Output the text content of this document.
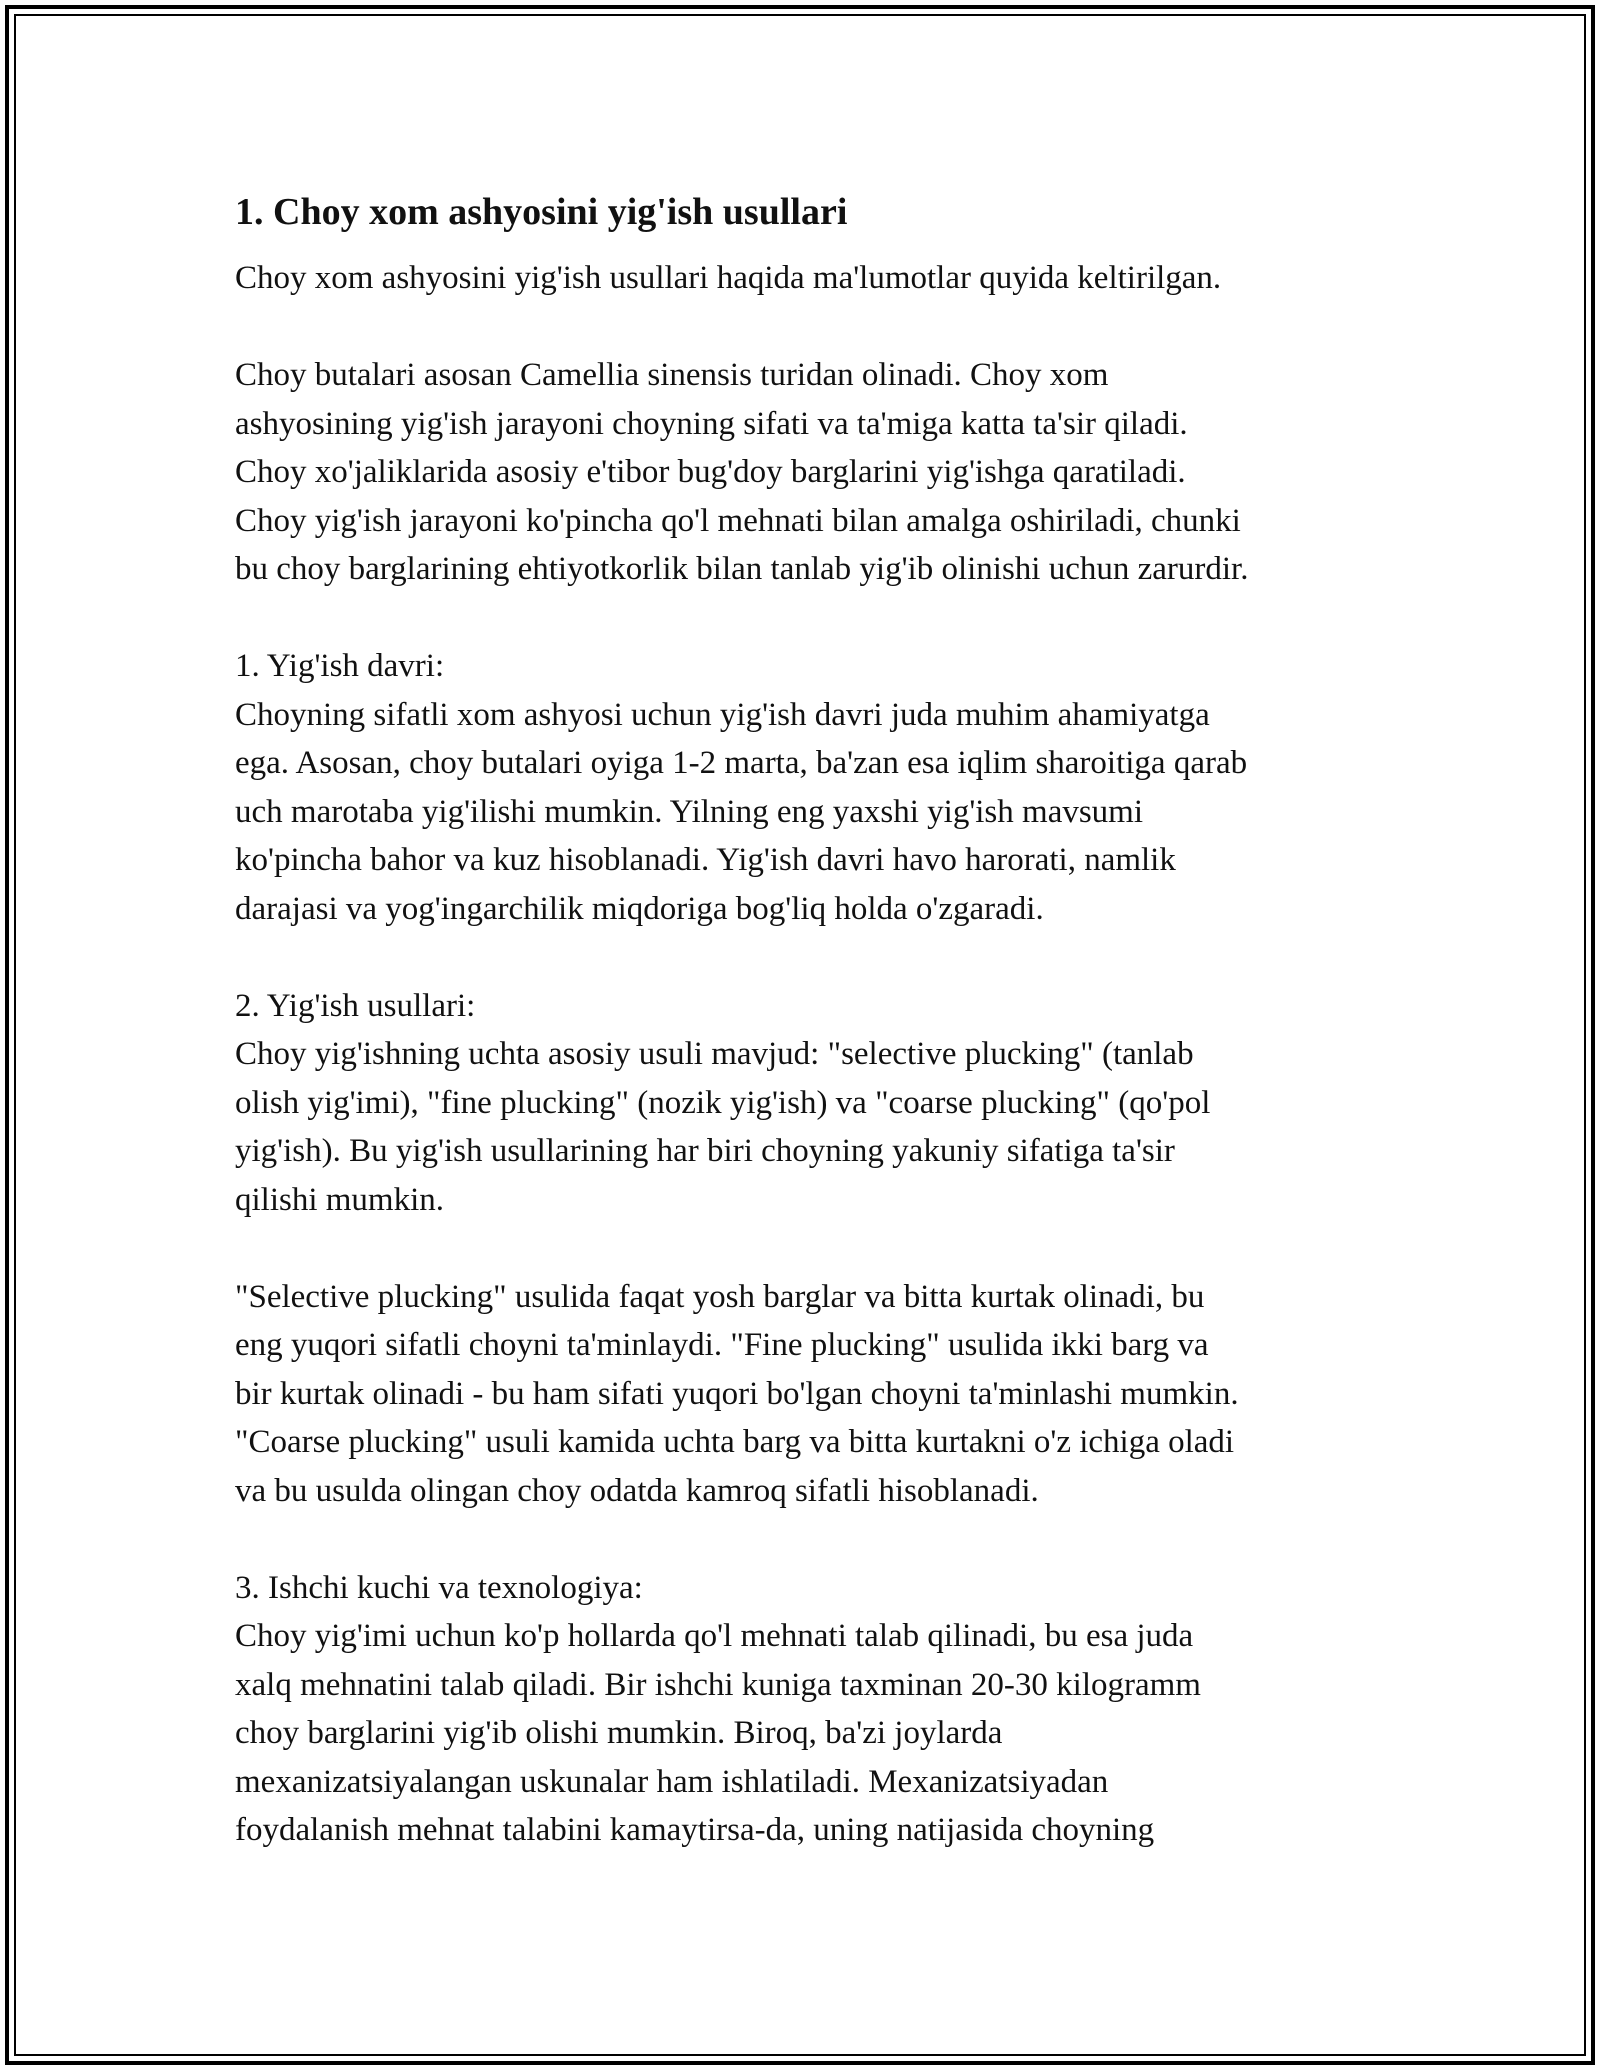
1. Choy xom ashyosini yig'ish usullari

Choy xom ashyosini yig'ish usullari haqida ma'lumotlar quyida keltirilgan.

Choy butalari asosan Camellia sinensis turidan olinadi. Choy xom
ashyosining yig'ish jarayoni choyning sifati va ta'miga katta ta'sir qiladi.
Choy xo'jaliklarida asosiy e'tibor bug'doy barglarini yig'ishga qaratiladi.
Choy yig'ish jarayoni ko'pincha qo'l mehnati bilan amalga oshiriladi, chunki
bu choy barglarining ehtiyotkorlik bilan tanlab yig'ib olinishi uchun zarurdir.

1. Yig'ish davri:
Choyning sifatli xom ashyosi uchun yig'ish davri juda muhim ahamiyatga
ega. Asosan, choy butalari oyiga 1-2 marta, ba'zan esa iqlim sharoitiga qarab
uch marotaba yig'ilishi mumkin. Yilning eng yaxshi yig'ish mavsumi
ko'pincha bahor va kuz hisoblanadi. Yig'ish davri havo harorati, namlik
darajasi va yog'ingarchilik miqdoriga bog'liq holda o'zgaradi.

2. Yig'ish usullari:
Choy yig'ishning uchta asosiy usuli mavjud: "selective plucking" (tanlab
olish yig'imi), "fine plucking" (nozik yig'ish) va "coarse plucking" (qo'pol
yig'ish). Bu yig'ish usullarining har biri choyning yakuniy sifatiga ta'sir
qilishi mumkin.

"Selective plucking" usulida faqat yosh barglar va bitta kurtak olinadi, bu
eng yuqori sifatli choyni ta'minlaydi. "Fine plucking" usulida ikki barg va
bir kurtak olinadi - bu ham sifati yuqori bo'lgan choyni ta'minlashi mumkin.
"Coarse plucking" usuli kamida uchta barg va bitta kurtakni o'z ichiga oladi
va bu usulda olingan choy odatda kamroq sifatli hisoblanadi.

3. Ishchi kuchi va texnologiya:
Choy yig'imi uchun ko'p hollarda qo'l mehnati talab qilinadi, bu esa juda
xalq mehnatini talab qiladi. Bir ishchi kuniga taxminan 20-30 kilogramm
choy barglarini yig'ib olishi mumkin. Biroq, ba'zi joylarda
mexanizatsiyalangan uskunalar ham ishlatiladi. Mexanizatsiyadan
foydalanish mehnat talabini kamaytirsa-da, uning natijasida choyning
